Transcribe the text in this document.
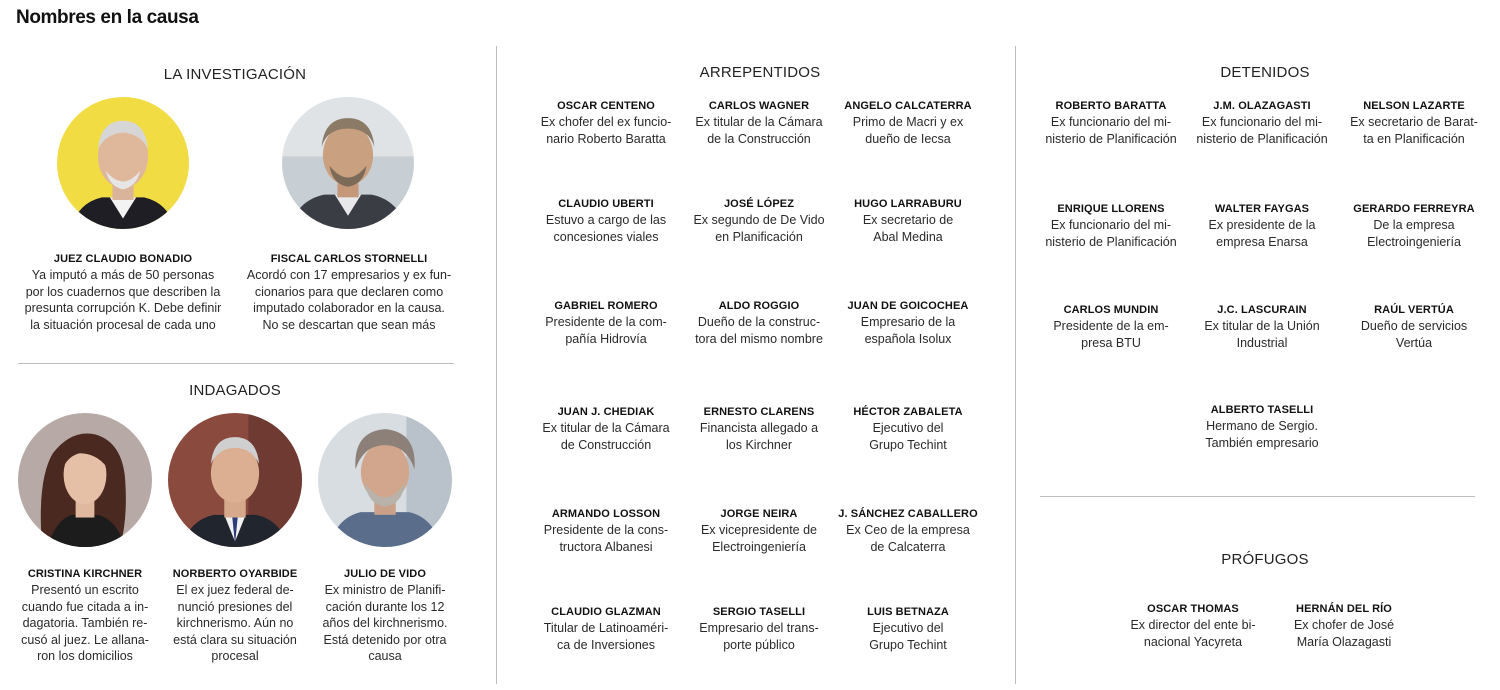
Nombres en la causa
LA INVESTIGACIÓN
JUEZ CLAUDIO BONADIO
Ya imputó a más de 50 personas
por los cuadernos que describen la
presunta corrupción K. Debe definir
la situación procesal de cada uno
FISCAL CARLOS STORNELLI
Acordó con 17 empresarios y ex fun-
cionarios para que declaren como
imputado colaborador en la causa.
No se descartan que sean más
INDAGADOS
CRISTINA KIRCHNER
Presentó un escrito
cuando fue citada a in-
dagatoria. También re-
cusó al juez. Le allana-
ron los domicilios
NORBERTO OYARBIDE
El ex juez federal de-
nunció presiones del
kirchnerismo. Aún no
está clara su situación
procesal
JULIO DE VIDO
Ex ministro de Planifi-
cación durante los 12
años del kirchnerismo.
Está detenido por otra
causa
ARREPENTIDOS
OSCAR CENTENO
Ex chofer del ex funcio-
nario Roberto Baratta
CARLOS WAGNER
Ex titular de la Cámara
de la Construcción
ANGELO CALCATERRA
Primo de Macri y ex
dueño de Iecsa
CLAUDIO UBERTI
Estuvo a cargo de las
concesiones viales
JOSÉ LÓPEZ
Ex segundo de De Vido
en Planificación
HUGO LARRABURU
Ex secretario de
Abal Medina
GABRIEL ROMERO
Presidente de la com-
pañía Hidrovía
ALDO ROGGIO
Dueño de la construc-
tora del mismo nombre
JUAN DE GOICOCHEA
Empresario de la
española Isolux
JUAN J. CHEDIAK
Ex titular de la Cámara
de Construcción
ERNESTO CLARENS
Financista allegado a
los Kirchner
HÉCTOR ZABALETA
Ejecutivo del
Grupo Techint
ARMANDO LOSSON
Presidente de la cons-
tructora Albanesi
JORGE NEIRA
Ex vicepresidente de
Electroingeniería
J. SÁNCHEZ CABALLERO
Ex Ceo de la empresa
de Calcaterra
CLAUDIO GLAZMAN
Titular de Latinoaméri-
ca de Inversiones
SERGIO TASELLI
Empresario del trans-
porte público
LUIS BETNAZA
Ejecutivo del
Grupo Techint
DETENIDOS
ROBERTO BARATTA
Ex funcionario del mi-
nisterio de Planificación
J.M. OLAZAGASTI
Ex funcionario del mi-
nisterio de Planificación
NELSON LAZARTE
Ex secretario de Barat-
ta en Planificación
ENRIQUE LLORENS
Ex funcionario del mi-
nisterio de Planificación
WALTER FAYGAS
Ex presidente de la
empresa Enarsa
GERARDO FERREYRA
De la empresa
Electroingeniería
CARLOS MUNDIN
Presidente de la em-
presa BTU
J.C. LASCURAIN
Ex titular de la Unión
Industrial
RAÚL VERTÚA
Dueño de servicios
Vertúa
ALBERTO TASELLI
Hermano de Sergio.
También empresario
PRÓFUGOS
OSCAR THOMAS
Ex director del ente bi-
nacional Yacyreta
HERNÁN DEL RÍO
Ex chofer de José
María Olazagasti
